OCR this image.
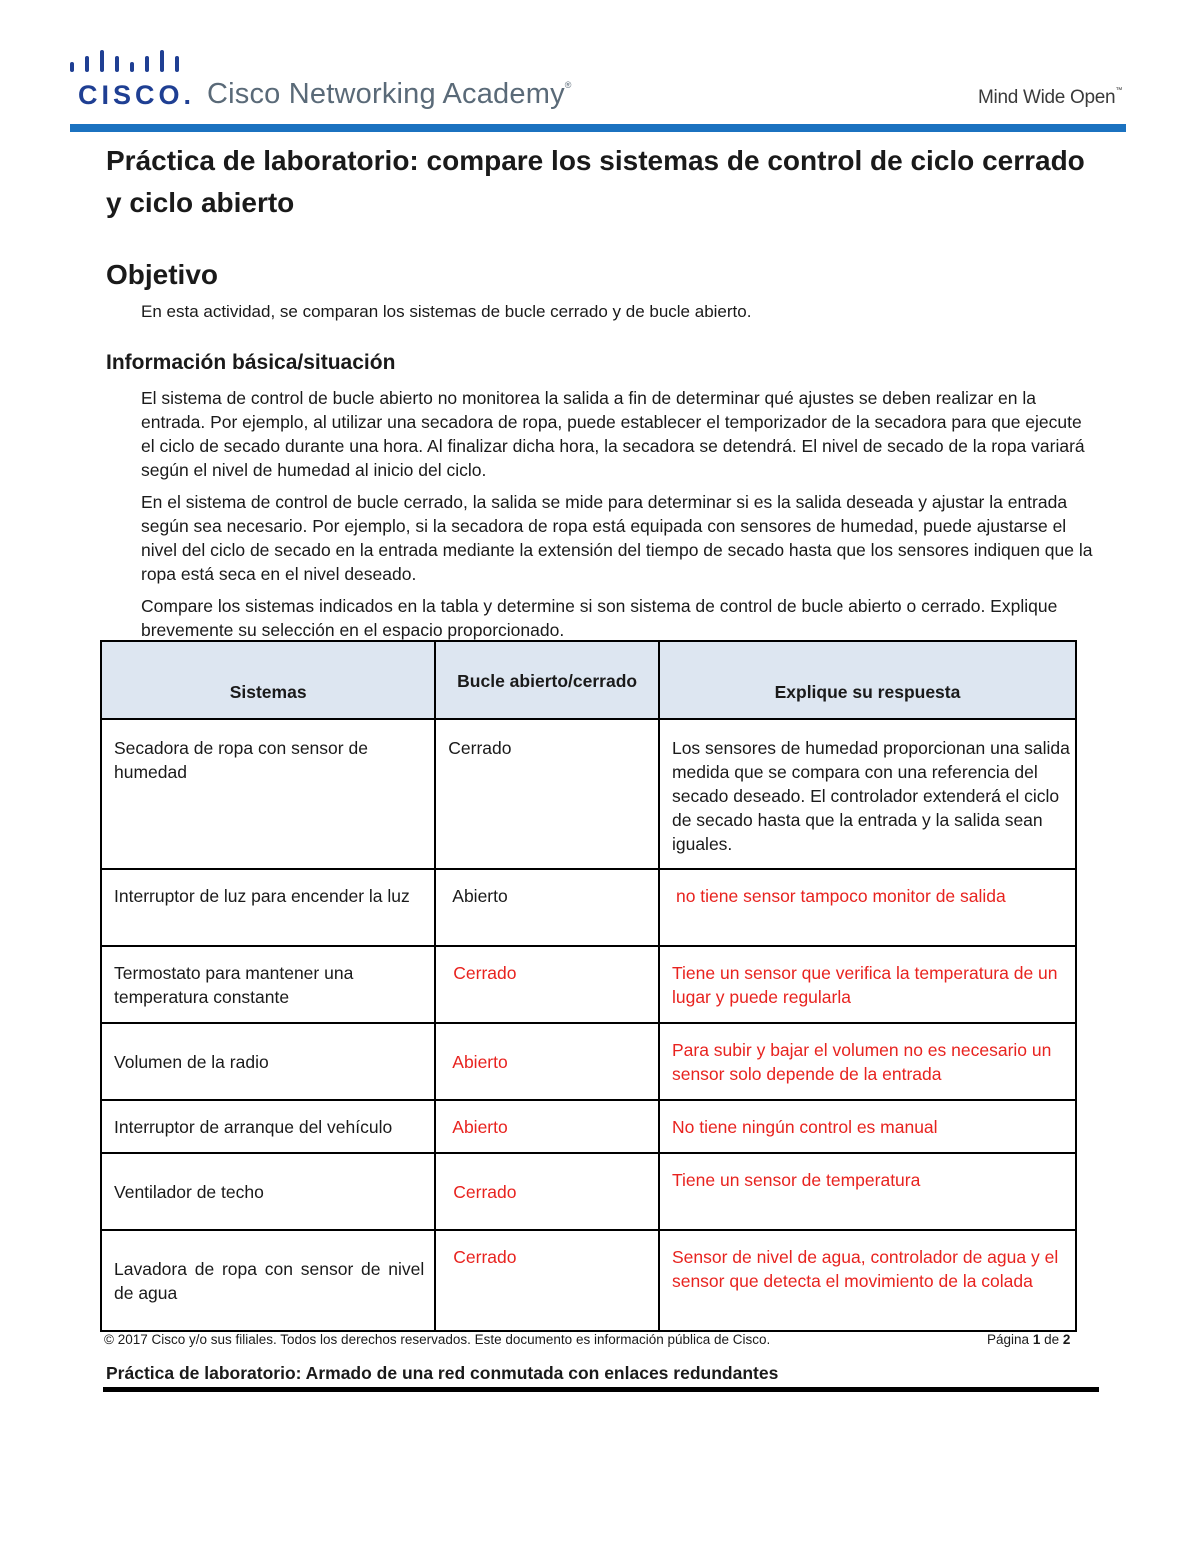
CISCO. Cisco Networking Academy®
Mind Wide Open™
Práctica de laboratorio: compare los sistemas de control de ciclo cerrado y ciclo abierto
Objetivo
En esta actividad, se comparan los sistemas de bucle cerrado y de bucle abierto.
Información básica/situación
El sistema de control de bucle abierto no monitorea la salida a fin de determinar qué ajustes se deben realizar en la entrada. Por ejemplo, al utilizar una secadora de ropa, puede establecer el temporizador de la secadora para que ejecute el ciclo de secado durante una hora. Al finalizar dicha hora, la secadora se detendrá. El nivel de secado de la ropa variará según el nivel de humedad al inicio del ciclo.
En el sistema de control de bucle cerrado, la salida se mide para determinar si es la salida deseada y ajustar la entrada según sea necesario. Por ejemplo, si la secadora de ropa está equipada con sensores de humedad, puede ajustarse el nivel del ciclo de secado en la entrada mediante la extensión del tiempo de secado hasta que los sensores indiquen que la ropa está seca en el nivel deseado.
Compare los sistemas indicados en la tabla y determine si son sistema de control de bucle abierto o cerrado. Explique brevemente su selección en el espacio proporcionado.
Sistemas	Bucle abierto/cerrado	Explique su respuesta

Secadora de ropa con sensor de humedad	Cerrado	Los sensores de humedad proporcionan una salida medida que se compara con una referencia del secado deseado. El controlador extenderá el ciclo de secado hasta que la entrada y la salida sean iguales.

Interruptor de luz para encender la luz	Abierto	no tiene sensor tampoco monitor de salida

Termostato para mantener una temperatura constante	Cerrado	Tiene un sensor que verifica la temperatura de un lugar y puede regularla

Volumen de la radio	Abierto	Para subir y bajar el volumen no es necesario un sensor solo depende de la entrada

Interruptor de arranque del vehículo	Abierto	No tiene ningún control es manual

Ventilador de techo	Cerrado	Tiene un sensor de temperatura

Lavadora de ropa con sensor de nivel de agua	Cerrado	Sensor de nivel de agua, controlador de agua y el sensor que detecta el movimiento de la colada
© 2017 Cisco y/o sus filiales. Todos los derechos reservados. Este documento es información pública de Cisco.	Página 1 de 2
Práctica de laboratorio: Armado de una red conmutada con enlaces redundantes
